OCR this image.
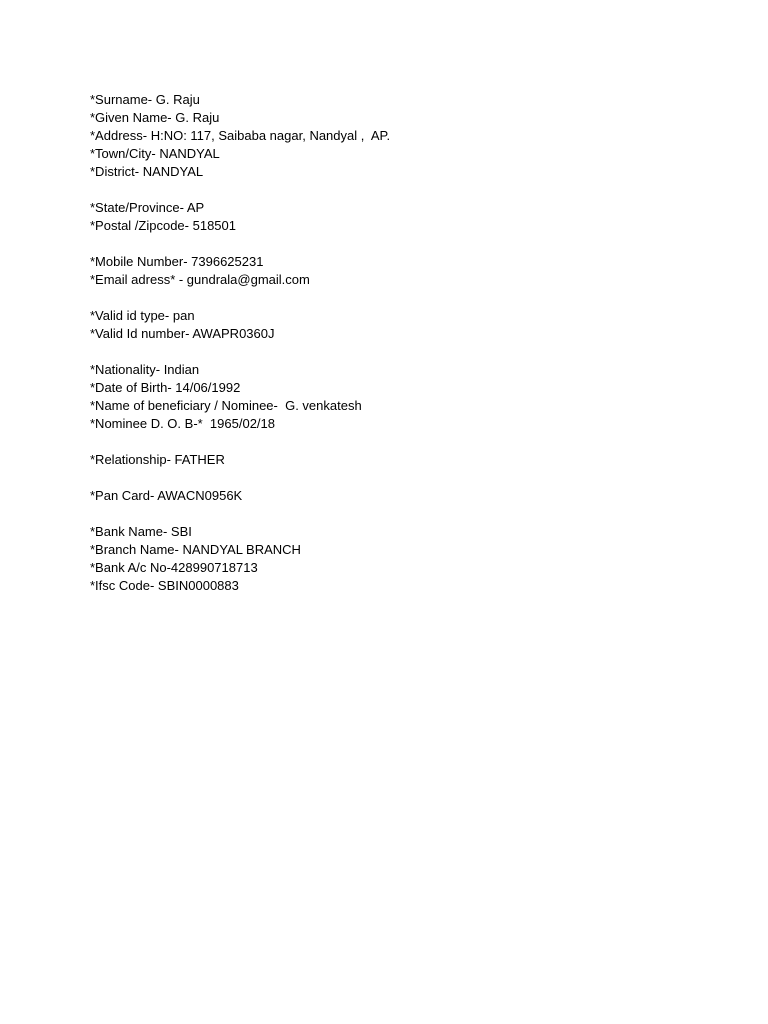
*Surname- G. Raju
*Given Name- G. Raju
*Address- H:NO: 117, Saibaba nagar, Nandyal ,  AP.
*Town/City- NANDYAL
*District- NANDYAL
*State/Province- AP
*Postal /Zipcode- 518501
*Mobile Number- 7396625231
*Email adress* - gundrala@gmail.com
*Valid id type- pan
*Valid Id number- AWAPR0360J
*Nationality- Indian
*Date of Birth- 14/06/1992
*Name of beneficiary / Nominee-  G. venkatesh
*Nominee D. O. B-*  1965/02/18
*Relationship- FATHER
*Pan Card- AWACN0956K
*Bank Name- SBI
*Branch Name- NANDYAL BRANCH
*Bank A/c No-428990718713
*Ifsc Code- SBIN0000883
